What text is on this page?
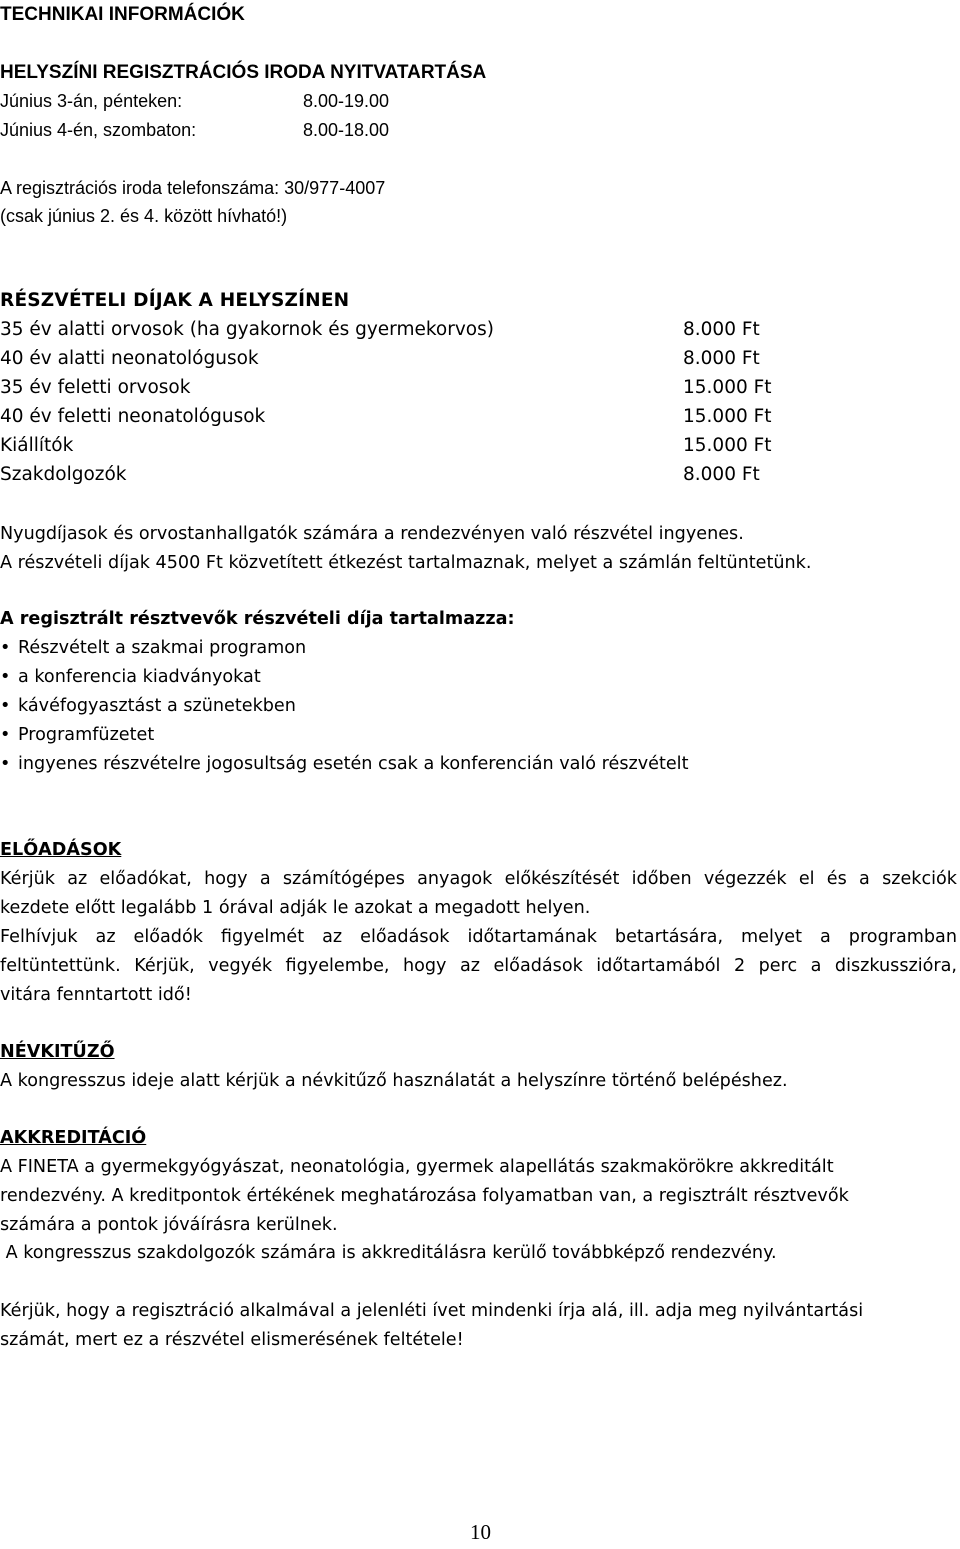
TECHNIKAI INFORMÁCIÓK
HELYSZÍNI REGISZTRÁCIÓS IRODA NYITVATARTÁSA
Június 3-án, pénteken:	8.00-19.00
Június 4-én, szombaton:	8.00-18.00
A regisztrációs iroda telefonszáma: 30/977-4007
(csak június 2. és 4. között hívható!)
RÉSZVÉTELI DÍJAK A HELYSZÍNEN
35 év alatti orvosok (ha gyakornok és gyermekorvos)	8.000 Ft
40 év alatti neonatológusok	8.000 Ft
35 év feletti orvosok	15.000 Ft
40 év feletti neonatológusok	15.000 Ft
Kiállítók	15.000 Ft
Szakdolgozók	8.000 Ft
Nyugdíjasok és orvostanhallgatók számára a rendezvényen való részvétel ingyenes.
A részvételi díjak 4500 Ft közvetített étkezést tartalmaznak, melyet a számlán feltüntetünk.
A regisztrált résztvevők részvételi díja tartalmazza:
• Részvételt a szakmai programon
• a konferencia kiadványokat
• kávéfogyasztást a szünetekben
• Programfüzetet
• ingyenes részvételre jogosultság esetén csak a konferencián való részvételt
ELŐADÁSOK
Kérjük az előadókat, hogy a számítógépes anyagok előkészítését időben végezzék el és a szekciók
kezdete előtt legalább 1 órával adják le azokat a megadott helyen.
Felhívjuk az előadók figyelmét az előadások időtartamának betartására, melyet a programban
feltüntettünk. Kérjük, vegyék figyelembe, hogy az előadások időtartamából 2 perc a diszkusszióra,
vitára fenntartott idő!
NÉVKITŰZŐ
A kongresszus ideje alatt kérjük a névkitűző használatát a helyszínre történő belépéshez.
AKKREDITÁCIÓ
A FINETA a gyermekgyógyászat, neonatológia, gyermek alapellátás szakmakörökre akkreditált
rendezvény. A kreditpontok értékének meghatározása folyamatban van, a regisztrált résztvevők
számára a pontok jóváírásra kerülnek.
A kongresszus szakdolgozók számára is akkreditálásra kerülő továbbképző rendezvény.
Kérjük, hogy a regisztráció alkalmával a jelenléti ívet mindenki írja alá, ill. adja meg nyilvántartási
számát, mert ez a részvétel elismerésének feltétele!
10
